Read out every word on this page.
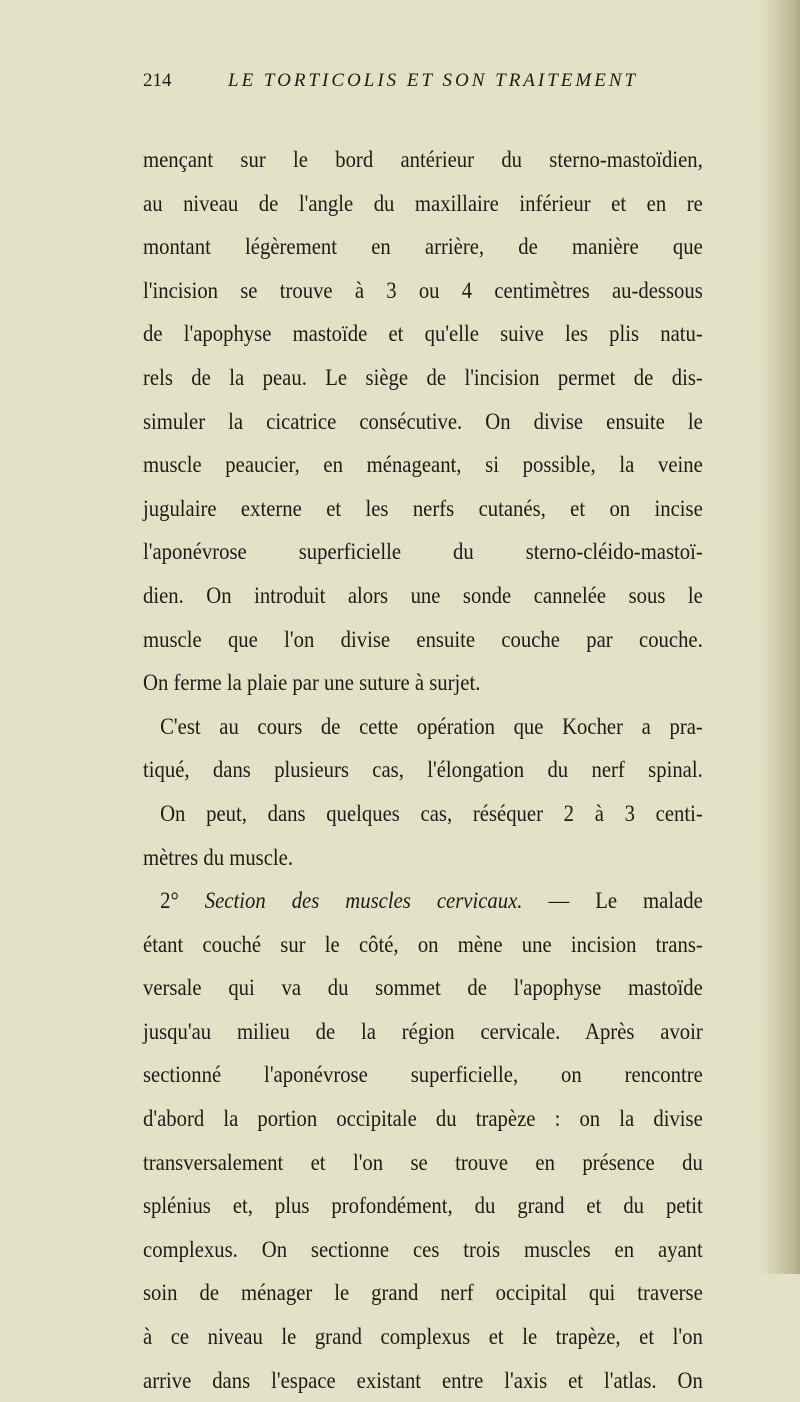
214	LE TORTICOLIS ET SON TRAITEMENT
mençant sur le bord antérieur du sterno-mastoïdien,
au niveau de l'angle du maxillaire inférieur et en re
montant légèrement en arrière, de manière que
l'incision se trouve à 3 ou 4 centimètres au-dessous
de l'apophyse mastoïde et qu'elle suive les plis natu-
rels de la peau. Le siège de l'incision permet de dis-
simuler la cicatrice consécutive. On divise ensuite le
muscle peaucier, en ménageant, si possible, la veine
jugulaire externe et les nerfs cutanés, et on incise
l'aponévrose superficielle du sterno-cléido-mastoï-
dien. On introduit alors une sonde cannelée sous le
muscle que l'on divise ensuite couche par couche.
On ferme la plaie par une suture à surjet.
C'est au cours de cette opération que Kocher a pra-
tiqué, dans plusieurs cas, l'élongation du nerf spinal.
On peut, dans quelques cas, réséquer 2 à 3 centi-
mètres du muscle.
2° Section des muscles cervicaux. — Le malade
étant couché sur le côté, on mène une incision trans-
versale qui va du sommet de l'apophyse mastoïde
jusqu'au milieu de la région cervicale. Après avoir
sectionné l'aponévrose superficielle, on rencontre
d'abord la portion occipitale du trapèze : on la divise
transversalement et l'on se trouve en présence du
splénius et, plus profondément, du grand et du petit
complexus. On sectionne ces trois muscles en ayant
soin de ménager le grand nerf occipital qui traverse
à ce niveau le grand complexus et le trapèze, et l'on
arrive dans l'espace existant entre l'axis et l'atlas. On
